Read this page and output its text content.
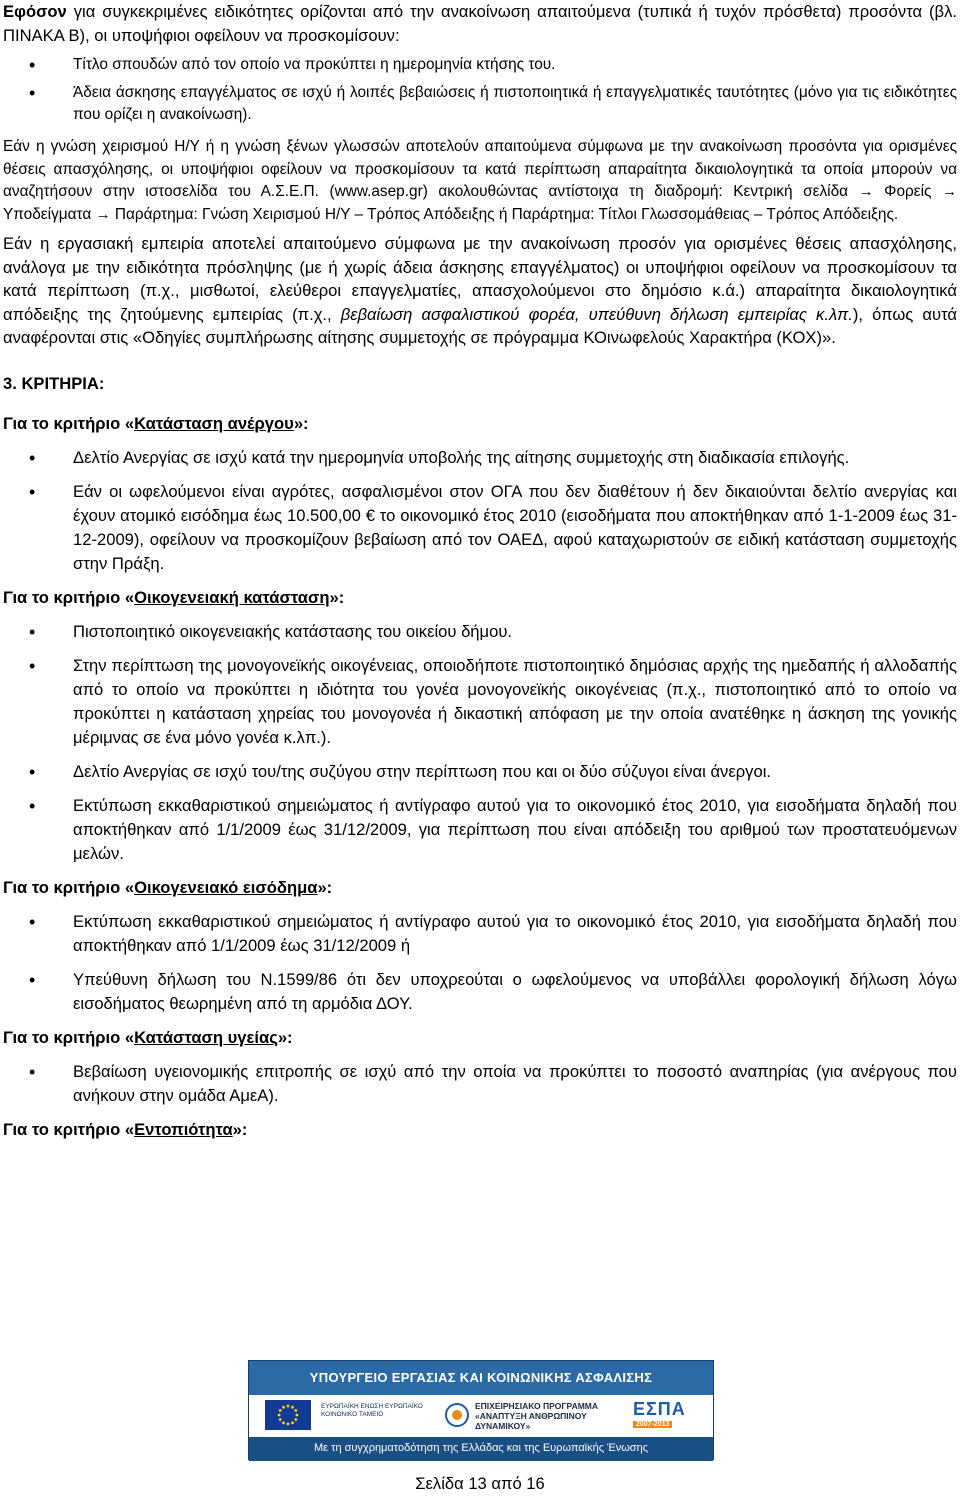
Εφόσον για συγκεκριμένες ειδικότητες ορίζονται από την ανακοίνωση απαιτούμενα (τυπικά ή τυχόν πρόσθετα) προσόντα (βλ. ΠΙΝΑΚΑ Β), οι υποψήφιοι οφείλουν να προσκομίσουν:

• Τίτλο σπουδών από τον οποίο να προκύπτει η ημερομηνία κτήσης του.
• Άδεια άσκησης επαγγέλματος σε ισχύ ή λοιπές βεβαιώσεις ή πιστοποιητικά ή επαγγελματικές ταυτότητες (μόνο για τις ειδικότητες που ορίζει η ανακοίνωση).

Εάν η γνώση χειρισμού Η/Υ ή η γνώση ξένων γλωσσών αποτελούν απαιτούμενα σύμφωνα με την ανακοίνωση προσόντα για ορισμένες θέσεις απασχόλησης, οι υποψήφιοι οφείλουν να προσκομίσουν τα κατά περίπτωση απαραίτητα δικαιολογητικά τα οποία μπορούν να αναζητήσουν στην ιστοσελίδα του Α.Σ.Ε.Π. (www.asep.gr) ακολουθώντας αντίστοιχα τη διαδρομή: Κεντρική σελίδα → Φορείς → Υποδείγματα → Παράρτημα: Γνώση Χειρισμού Η/Υ – Τρόπος Απόδειξης ή Παράρτημα: Τίτλοι Γλωσσομάθειας – Τρόπος Απόδειξης.

Εάν η εργασιακή εμπειρία αποτελεί απαιτούμενο σύμφωνα με την ανακοίνωση προσόν για ορισμένες θέσεις απασχόλησης, ανάλογα με την ειδικότητα πρόσληψης (με ή χωρίς άδεια άσκησης επαγγέλματος) οι υποψήφιοι οφείλουν να προσκομίσουν τα κατά περίπτωση (π.χ., μισθωτοί, ελεύθεροι επαγγελματίες, απασχολούμενοι στο δημόσιο κ.ά.) απαραίτητα δικαιολογητικά απόδειξης της ζητούμενης εμπειρίας (π.χ., βεβαίωση ασφαλιστικού φορέα, υπεύθυνη δήλωση εμπειρίας κ.λπ.), όπως αυτά αναφέρονται στις «Οδηγίες συμπλήρωσης αίτησης συμμετοχής σε πρόγραμμα ΚΟινωφελούς Χαρακτήρα (ΚΟΧ)».

3. ΚΡΙΤΗΡΙΑ:
Για το κριτήριο «Κατάσταση ανέργου»:
• Δελτίο Ανεργίας σε ισχύ κατά την ημερομηνία υποβολής της αίτησης συμμετοχής στη διαδικασία επιλογής.
• Εάν οι ωφελούμενοι είναι αγρότες, ασφαλισμένοι στον ΟΓΑ που δεν διαθέτουν ή δεν δικαιούνται δελτίο ανεργίας και έχουν ατομικό εισόδημα έως 10.500,00 € το οικονομικό έτος 2010 (εισοδήματα που αποκτήθηκαν από 1-1-2009 έως 31-12-2009), οφείλουν να προσκομίζουν βεβαίωση από τον ΟΑΕΔ, αφού καταχωριστούν σε ειδική κατάσταση συμμετοχής στην Πράξη.
Για το κριτήριο «Οικογενειακή κατάσταση»:
• Πιστοποιητικό οικογενειακής κατάστασης του οικείου δήμου.
• Στην περίπτωση της μονογονεϊκής οικογένειας, οποιοδήποτε πιστοποιητικό δημόσιας αρχής της ημεδαπής ή αλλοδαπής από το οποίο να προκύπτει η ιδιότητα του γονέα μονογονεϊκής οικογένειας (π.χ., πιστοποιητικό από το οποίο να προκύπτει η κατάσταση χηρείας του μονογονέα ή δικαστική απόφαση με την οποία ανατέθηκε η άσκηση της γονικής μέριμνας σε ένα μόνο γονέα κ.λπ.).
• Δελτίο Ανεργίας σε ισχύ του/της συζύγου στην περίπτωση που και οι δύο σύζυγοι είναι άνεργοι.
• Εκτύπωση εκκαθαριστικού σημειώματος ή αντίγραφο αυτού για το οικονομικό έτος 2010, για εισοδήματα δηλαδή που αποκτήθηκαν από 1/1/2009 έως 31/12/2009, για περίπτωση που είναι απόδειξη του αριθμού των προστατευόμενων μελών.
Για το κριτήριο «Οικογενειακό εισόδημα»:
• Εκτύπωση εκκαθαριστικού σημειώματος ή αντίγραφο αυτού για το οικονομικό έτος 2010, για εισοδήματα δηλαδή που αποκτήθηκαν από 1/1/2009 έως 31/12/2009 ή
• Υπεύθυνη δήλωση του Ν.1599/86 ότι δεν υποχρεούται ο ωφελούμενος να υποβάλλει φορολογική δήλωση λόγω εισοδήματος θεωρημένη από τη αρμόδια ΔΟΥ.
Για το κριτήριο «Κατάσταση υγείας»:
• Βεβαίωση υγειονομικής επιτροπής σε ισχύ από την οποία να προκύπτει το ποσοστό αναπηρίας (για ανέργους που ανήκουν στην ομάδα ΑμεΑ).
Για το κριτήριο «Εντοπιότητα»:
ΥΠΟΥΡΓΕΙΟ ΕΡΓΑΣΙΑΣ ΚΑΙ ΚΟΙΝΩΝΙΚΗΣ ΑΣΦΑΛΙΣΗΣ
ΕΥΡΩΠΑΪΚΗ ΕΝΩΣΗ ΕΥΡΩΠΑΪΚΟ ΚΟΙΝΩΝΙΚΟ ΤΑΜΕΙΟ
ΕΠΙΧΕΙΡΗΣΙΑΚΟ ΠΡΟΓΡΑΜΜΑ «ΑΝΑΠΤΥΞΗ ΑΝΘΡΩΠΙΝΟΥ ΔΥΝΑΜΙΚΟΥ»
ΕΣΠΑ
2007-2013
Με τη συγχρηματοδότηση της Ελλάδας και της Ευρωπαϊκής Ένωσης
Σελίδα 13 από 16
